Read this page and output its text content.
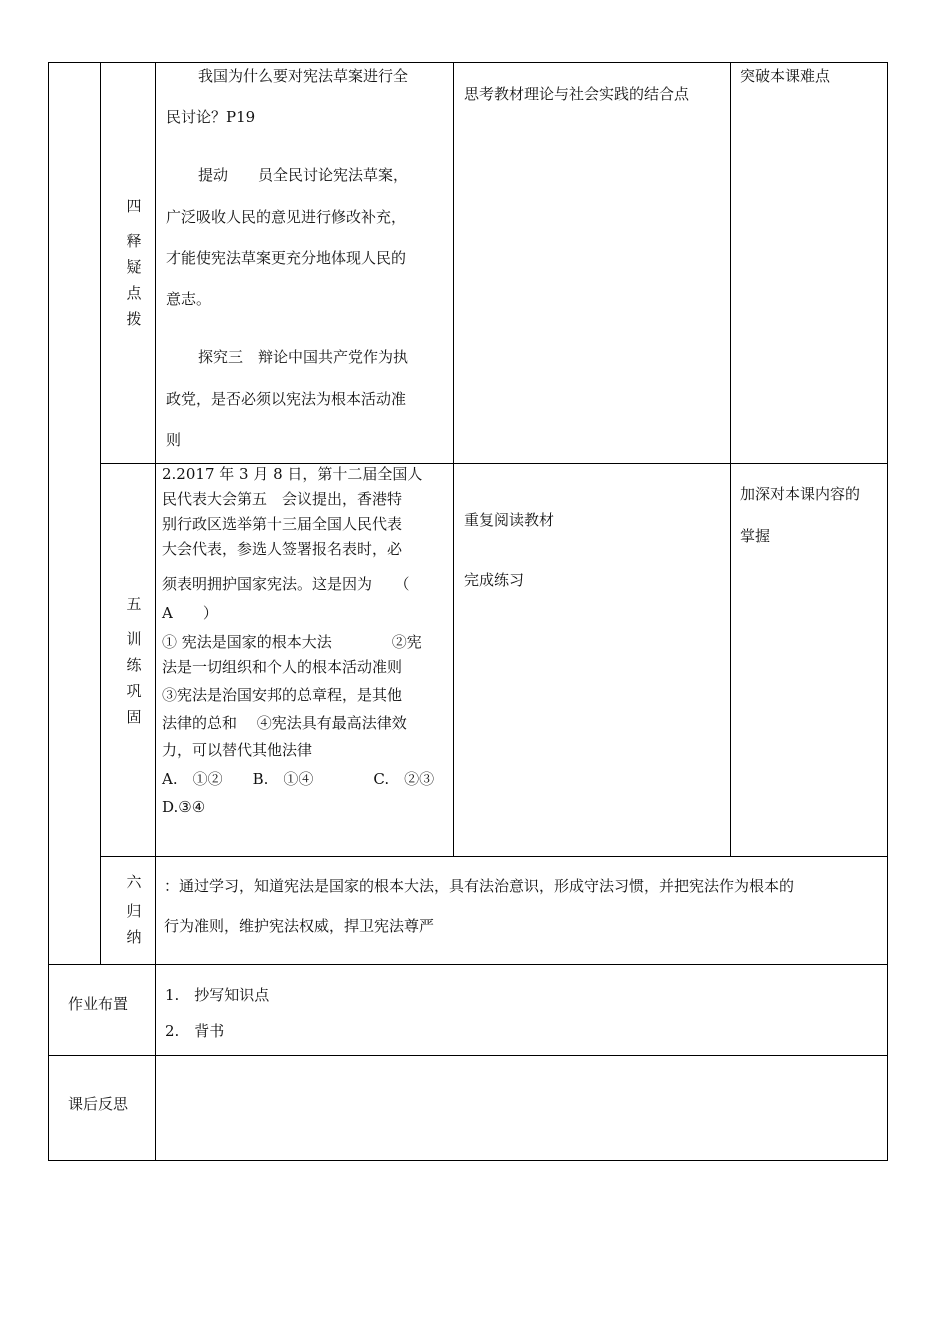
四
释
疑
点
拨
我国为什么要对宪法草案进行全
民讨论？P19
提动　　员全民讨论宪法草案，
广泛吸收人民的意见进行修改补充，
才能使宪法草案更充分地体现人民的
意志。
探究三　辩论中国共产党作为执
政党，是否必须以宪法为根本活动准
则
思考教材理论与社会实践的结合点
突破本课难点
五
训
练
巩
固
2.2017 年 3 月 8 日，第十二届全国人
民代表大会第五　会议提出，香港特
别行政区选举第十三届全国人民代表
大会代表，参选人签署报名表时，必
须表明拥护国家宪法。这是因为　　（
A　　）
① 宪法是国家的根本大法　　　　②宪
法是一切组织和个人的根本活动准则
③宪法是治国安邦的总章程，是其他
法律的总和　 ④宪法具有最高法律效
力，可以替代其他法律
A.　①②　　B.　①④　　　　C.　②③
D.③④
重复阅读教材
完成练习
加深对本课内容的
掌握
六
归
纳
：通过学习，知道宪法是国家的根本大法，具有法治意识，形成守法习惯，并把宪法作为根本的
行为准则，维护宪法权威，捍卫宪法尊严
作业布置 1.　抄写知识点
2.　背书
课后反思
